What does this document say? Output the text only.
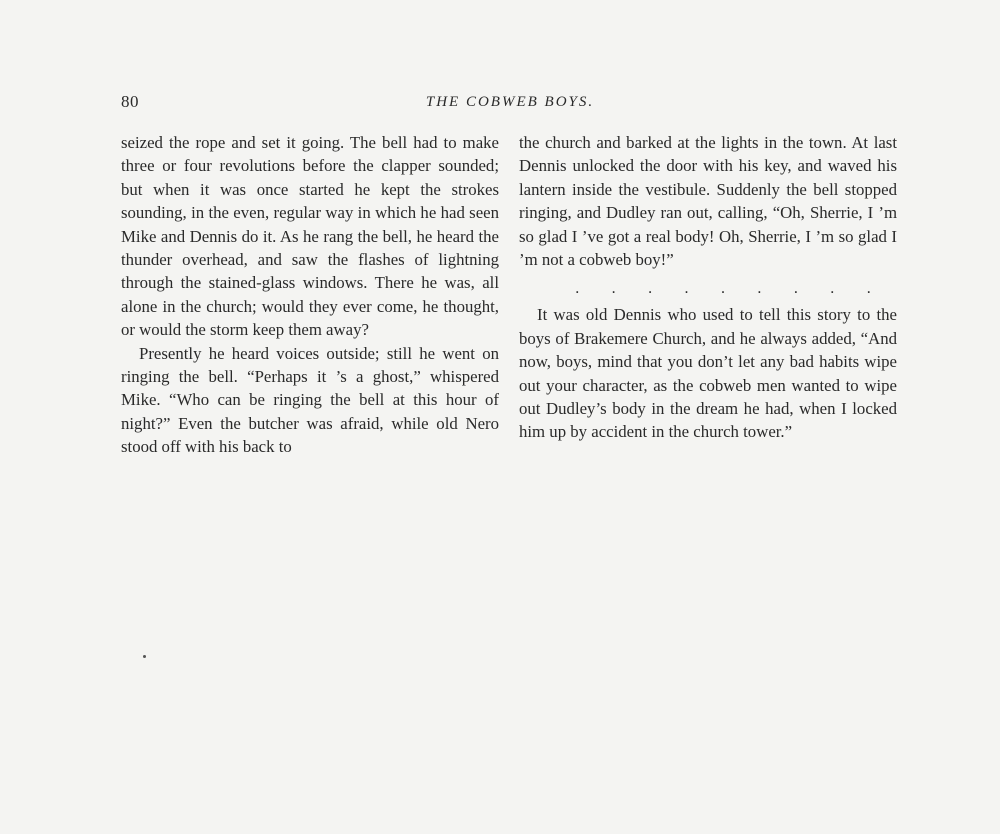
80	THE COBWEB BOYS.

seized the rope and set it going. The bell had to make three or four revolutions before the clapper sounded; but when it was once started he kept the strokes sounding, in the even, regular way in which he had seen Mike and Dennis do it. As he rang the bell, he heard the thunder overhead, and saw the flashes of lightning through the stained-glass windows. There he was, all alone in the church; would they ever come, he thought, or would the storm keep them away?

Presently he heard voices outside; still he went on ringing the bell. “Perhaps it ’s a ghost,” whispered Mike. “Who can be ringing the bell at this hour of night?” Even the butcher was afraid, while old Nero stood off with his back to

the church and barked at the lights in the town. At last Dennis unlocked the door with his key, and waved his lantern inside the vestibule. Suddenly the bell stopped ringing, and Dudley ran out, calling, “Oh, Sherrie, I ’m so glad I ’ve got a real body! Oh, Sherrie, I ’m so glad I ’m not a cobweb boy!”

. . . . . . . . .

It was old Dennis who used to tell this story to the boys of Brakemere Church, and he always added, “And now, boys, mind that you don’t let any bad habits wipe out your character, as the cobweb men wanted to wipe out Dudley’s body in the dream he had, when I locked him up by accident in the church tower.”
